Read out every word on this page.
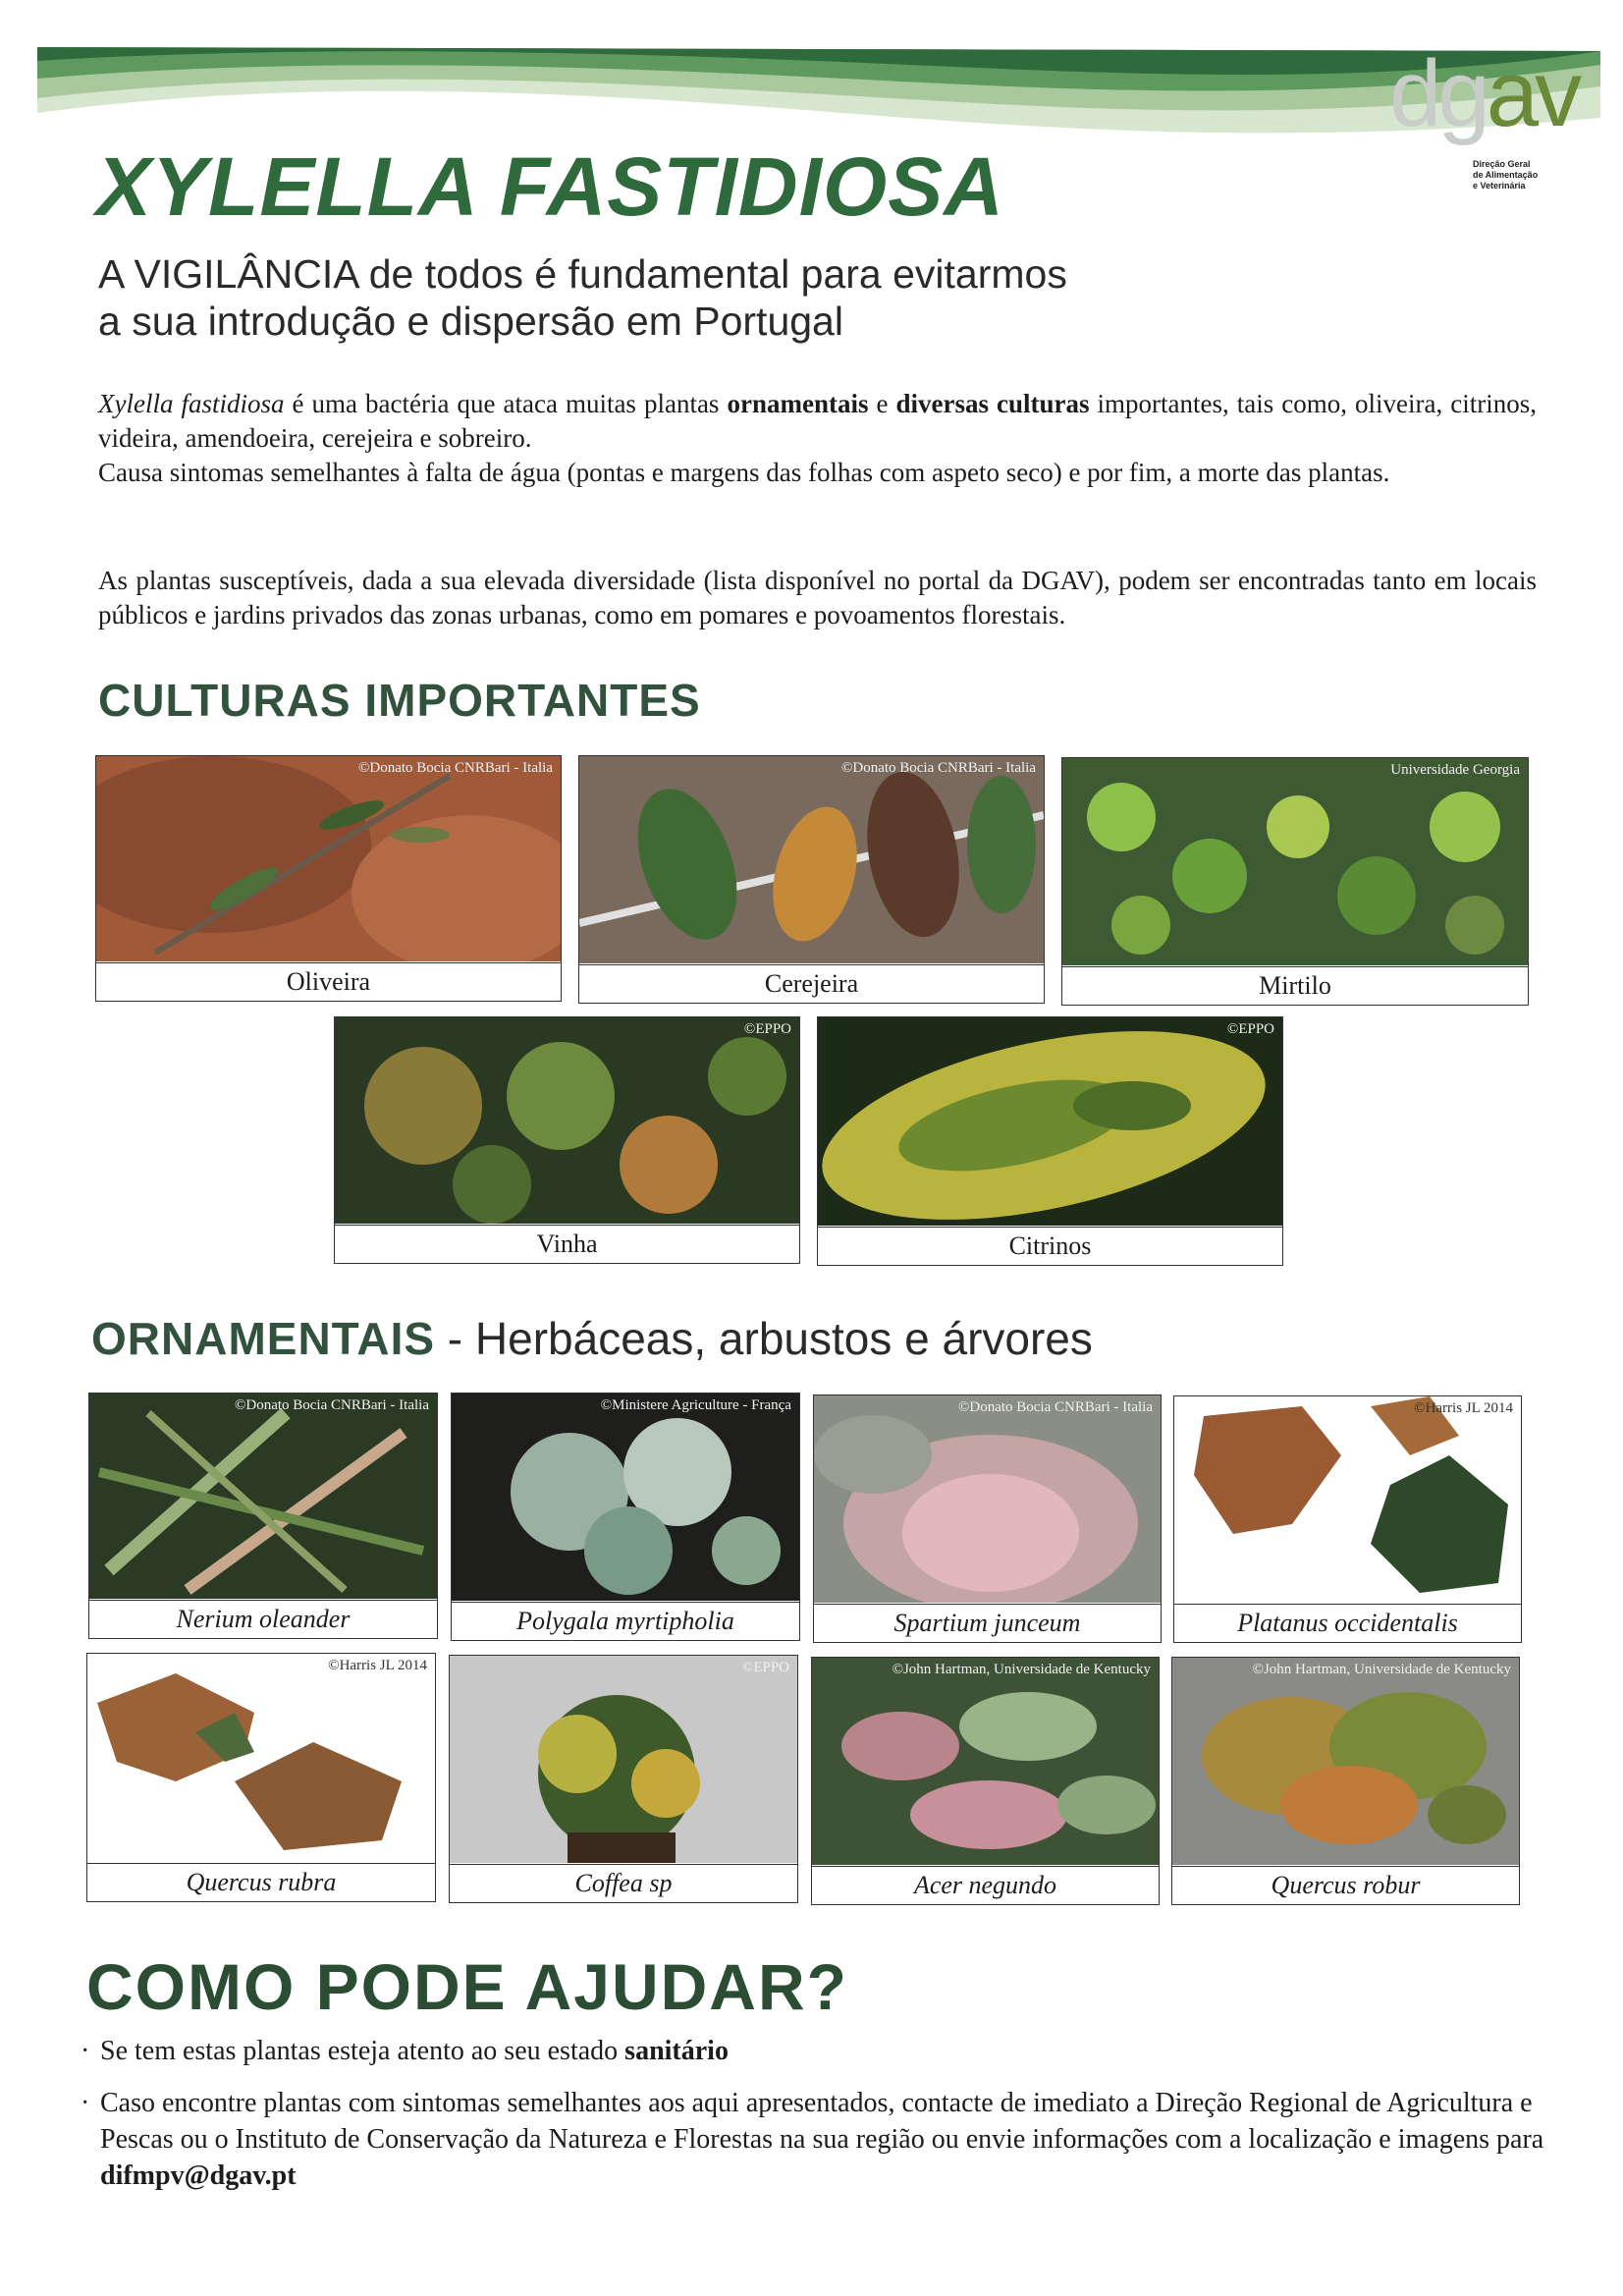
dgav
Direção Geral
de Alimentação
e Veterinária
XYLELLA FASTIDIOSA

A VIGILÂNCIA de todos é fundamental para evitarmos
a sua introdução e dispersão em Portugal

Xylella fastidiosa é uma bactéria que ataca muitas plantas ornamentais e diversas culturas importantes, tais como, oliveira, citrinos, videira, amendoeira, cerejeira e sobreiro.
Causa sintomas semelhantes à falta de água (pontas e margens das folhas com aspeto seco) e por fim, a morte das plantas.

As plantas susceptíveis, dada a sua elevada diversidade (lista disponível no portal da DGAV), podem ser encontradas tanto em locais públicos e jardins privados das zonas urbanas, como em pomares e povoamentos florestais.

CULTURAS IMPORTANTES
©Donato Bocia CNRBari - Italia
Oliveira
©Donato Bocia CNRBari - Italia
Cerejeira
Universidade Georgia
Mirtilo
©EPPO
Vinha
©EPPO
Citrinos
ORNAMENTAIS - Herbáceas, arbustos e árvores
©Donato Bocia CNRBari - Italia
Nerium oleander
©Ministere Agriculture - França
Polygala myrtipholia
©Donato Bocia CNRBari - Italia
Spartium junceum
©Harris JL 2014
Platanus occidentalis
©Harris JL 2014
Quercus rubra
©EPPO
Coffea sp
©John Hartman, Universidade de Kentucky
Acer negundo
©John Hartman, Universidade de Kentucky
Quercus robur
COMO PODE AJUDAR?
· Se tem estas plantas esteja atento ao seu estado sanitário
· Caso encontre plantas com sintomas semelhantes aos aqui apresentados, contacte de imediato a Direção Regional de Agricultura e Pescas ou o Instituto de Conservação da Natureza e Florestas na sua região ou envie informações com a localização e imagens para difmpv@dgav.pt
